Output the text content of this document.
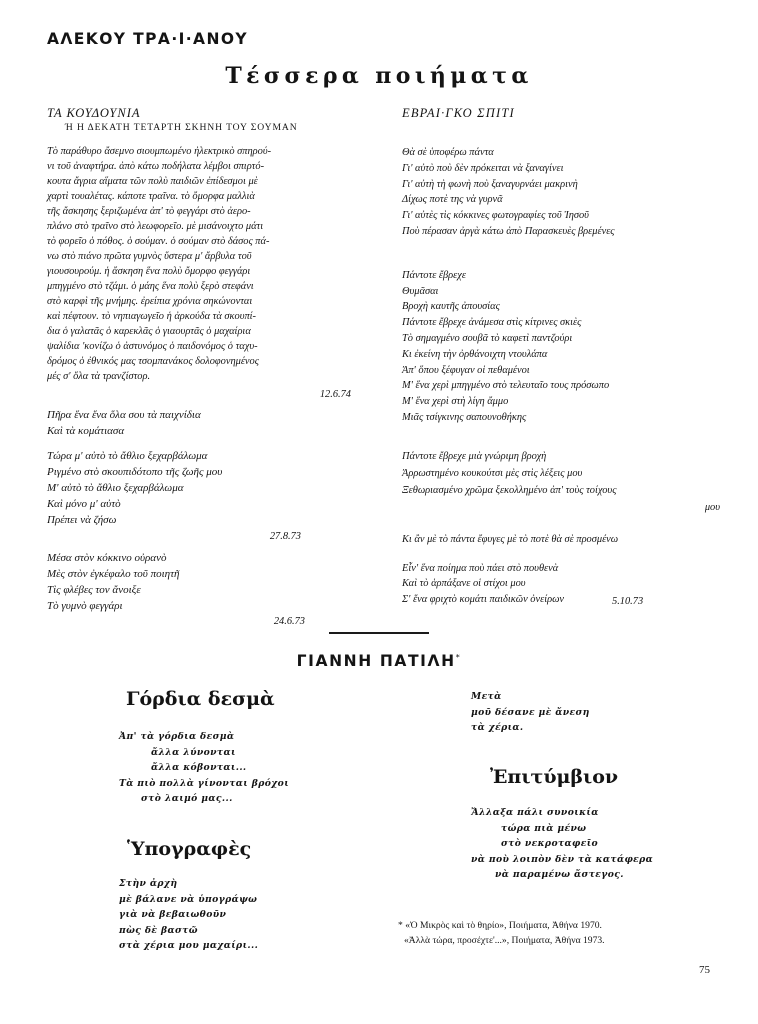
ΑΛΕΚΟΥ ΤΡΑ·Ι·ΑΝΟΥ
Τέσσερα ποιήματα
ΤΑ ΚΟΥΔΟΥΝΙΑ
Ή Η ΔΕΚΑΤΗ ΤΕΤΑΡΤΗ ΣΚΗΝΗ ΤΟΥ ΣΟΥΜΑΝ
Τὸ παράθυρο ἄσεμνο σιουμπωμένο ἠλεκτρικὸ σπηρού-
νι τοῦ ἀναφτήρα. ἀπὸ κάτω ποδήλατα λέμβοι σπιρτό-
κουτα ἄγρια αἵματα τῶν πολὺ παιδιῶν ἐπίδεσμοι μὲ
χαρτὶ τουαλέτας. κάποτε τραῖνα. τὸ ὄμορφα μαλλιὰ
τῆς ἄσκησης ξεριζωμένα ἀπ' τὸ φεγγάρι στὸ ἀερο-
πλάνο στὸ τραῖνο στὸ λεωφορεῖο. μὲ μισάνοιχτο μάτι
τὸ φορεῖο ὁ πόθος. ὁ σούμαν. ὁ σούμαν στὸ δάσος πά-
νω στὸ πιάνο πρῶτα γυμνὸς ὕστερα μ' ἄρβυλα τοῦ
γιουσουρούμ. ἡ ἄσκηση ἕνα πολὺ ὄμορφο φεγγάρι
μπηγμένο στὸ τζάμι. ὁ μάης ἕνα πολὺ ξερὸ στεφάνι
στὸ καρφὶ τῆς μνήμης. ἐρείπια χρόνια σηκώνονται
καὶ πέφτουν. τὸ νηπιαγωγεῖο ἡ ἀρκούδα τὰ σκουπί-
δια ὁ γαλατᾶς ὁ καρεκλᾶς ὁ γιαουρτᾶς ὁ μαχαίρια
ψαλίδια 'κονίζω ὁ ἀστυνόμος ὁ παιδονόμος ὁ ταχυ-
δρόμος ὁ ἐθνικός μας τσομπανάκος δολοφονημένος
μές σ' ὅλα τὰ τρανζίστορ.
12.6.74
Πῆρα ἕνα ἕνα ὅλα σου τὰ παιχνίδια
Καὶ τὰ κομάτιασα
Τώρα μ' αὐτὸ τὸ ἄθλιο ξεχαρβάλωμα
Ριγμένο στὸ σκουπιδότοπο τῆς ζωῆς μου
Μ' αὐτὸ τὸ ἄθλιο ξεχαρβάλωμα
Καὶ μόνο μ' αὐτὸ
Πρέπει νὰ ζήσω
27.8.73
Μέσα στὸν κόκκινο οὐρανὸ
Μὲς στὸν ἐγκέφαλο τοῦ ποιητῆ
Τὶς φλέβες τον ἄνοιξε
Τὸ γυμνὸ φεγγάρι
24.6.73
ΕΒΡΑΙ·ΓΚΟ ΣΠΙΤΙ
Θὰ σὲ ὑποφέρω πάντα
Γι' αὐτὸ ποὺ δὲν πρόκειται νὰ ξαναγίνει
Γι' αὐτὴ τὴ φωνὴ ποὺ ξαναγυρνάει μακρινὴ
Δίχως ποτὲ της νὰ γυρνᾶ
Γι' αὐτὲς τὶς κόκκινες φωτογραφίες τοῦ Ἰησοῦ
Ποὺ πέρασαν ἀργὰ κάτω ἀπὸ Παρασκευὲς βρεμένες
Πάντοτε ἔβρεχε
Θυμᾶσαι
Βροχὴ καυτῆς ἀπουσίας
Πάντοτε ἔβρεχε ἀνάμεσα στὶς κίτρινες σκιὲς
Τὸ σημαγμένο σουβᾶ τὸ καφετὶ παντζούρι
Κι ἐκείνη τὴν ὀρθάνοιχτη ντουλάπα
Ἀπ' ὅπου ξέφυγαν οἱ πεθαμένοι
Μ' ἕνα χερὶ μπηγμένο στὸ τελευταῖο τους πρόσωπο
Μ' ἕνα χερὶ στὴ λίγη ἄμμο
Μιᾶς τσίγκινης σαπουνοθήκης
Πάντοτε ἔβρεχε μιὰ γνώριμη βροχὴ
Ἀρρωστημένο κουκούτσι μὲς στὶς λέξεις μου
Ξεθωριασμένο χρῶμα ξεκολλημένο ἀπ' τοὺς τοίχους
μου
Κι ἂν μὲ τὸ πάντα ἔφυγες μὲ τὸ ποτὲ θὰ σὲ προσμένω
Εἶν' ἕνα ποίημα ποὺ πάει στὸ πουθενὰ
Καὶ τὸ ἁρπάξανε οἱ στίχοι μου
Σ' ἕνα φριχτὸ κομάτι παιδικῶν ὀνείρων	5.10.73
ΓΙΑΝΝΗ ΠΑΤΙΛΗ*
Γόρδια δεσμὰ
Ἀπ' τὰ γόρδια δεσμὰ
ἄλλα λύνονται
ἄλλα κόβονται...
Τὰ πιὸ πολλὰ γίνονται βρόχοι
στὸ λαιμό μας...
Ὑπογραφὲς
Στὴν ἀρχὴ
μὲ βάλανε νὰ ὑπογράψω
γιὰ νὰ βεβαιωθοῦν
πὼς δὲ βαστῶ
στὰ χέρια μου μαχαίρι...
Μετὰ
μοῦ δέσανε μὲ ἄνεση
τὰ χέρια.
Ἐπιτύμβιον
Ἄλλαξα πάλι συνοικία
τώρα πιὰ μένω
στὸ νεκροταφεῖο
νὰ ποὺ λοιπὸν δὲν τὰ κατάφερα
νὰ παραμένω ἄστεγος.
* «Ὁ Μικρὸς καὶ τὸ θηρίο», Ποιήματα, Ἀθήνα 1970.
«Ἀλλὰ τώρα, προσέχτε'...», Ποιήματα, Ἀθήνα 1973.
75
